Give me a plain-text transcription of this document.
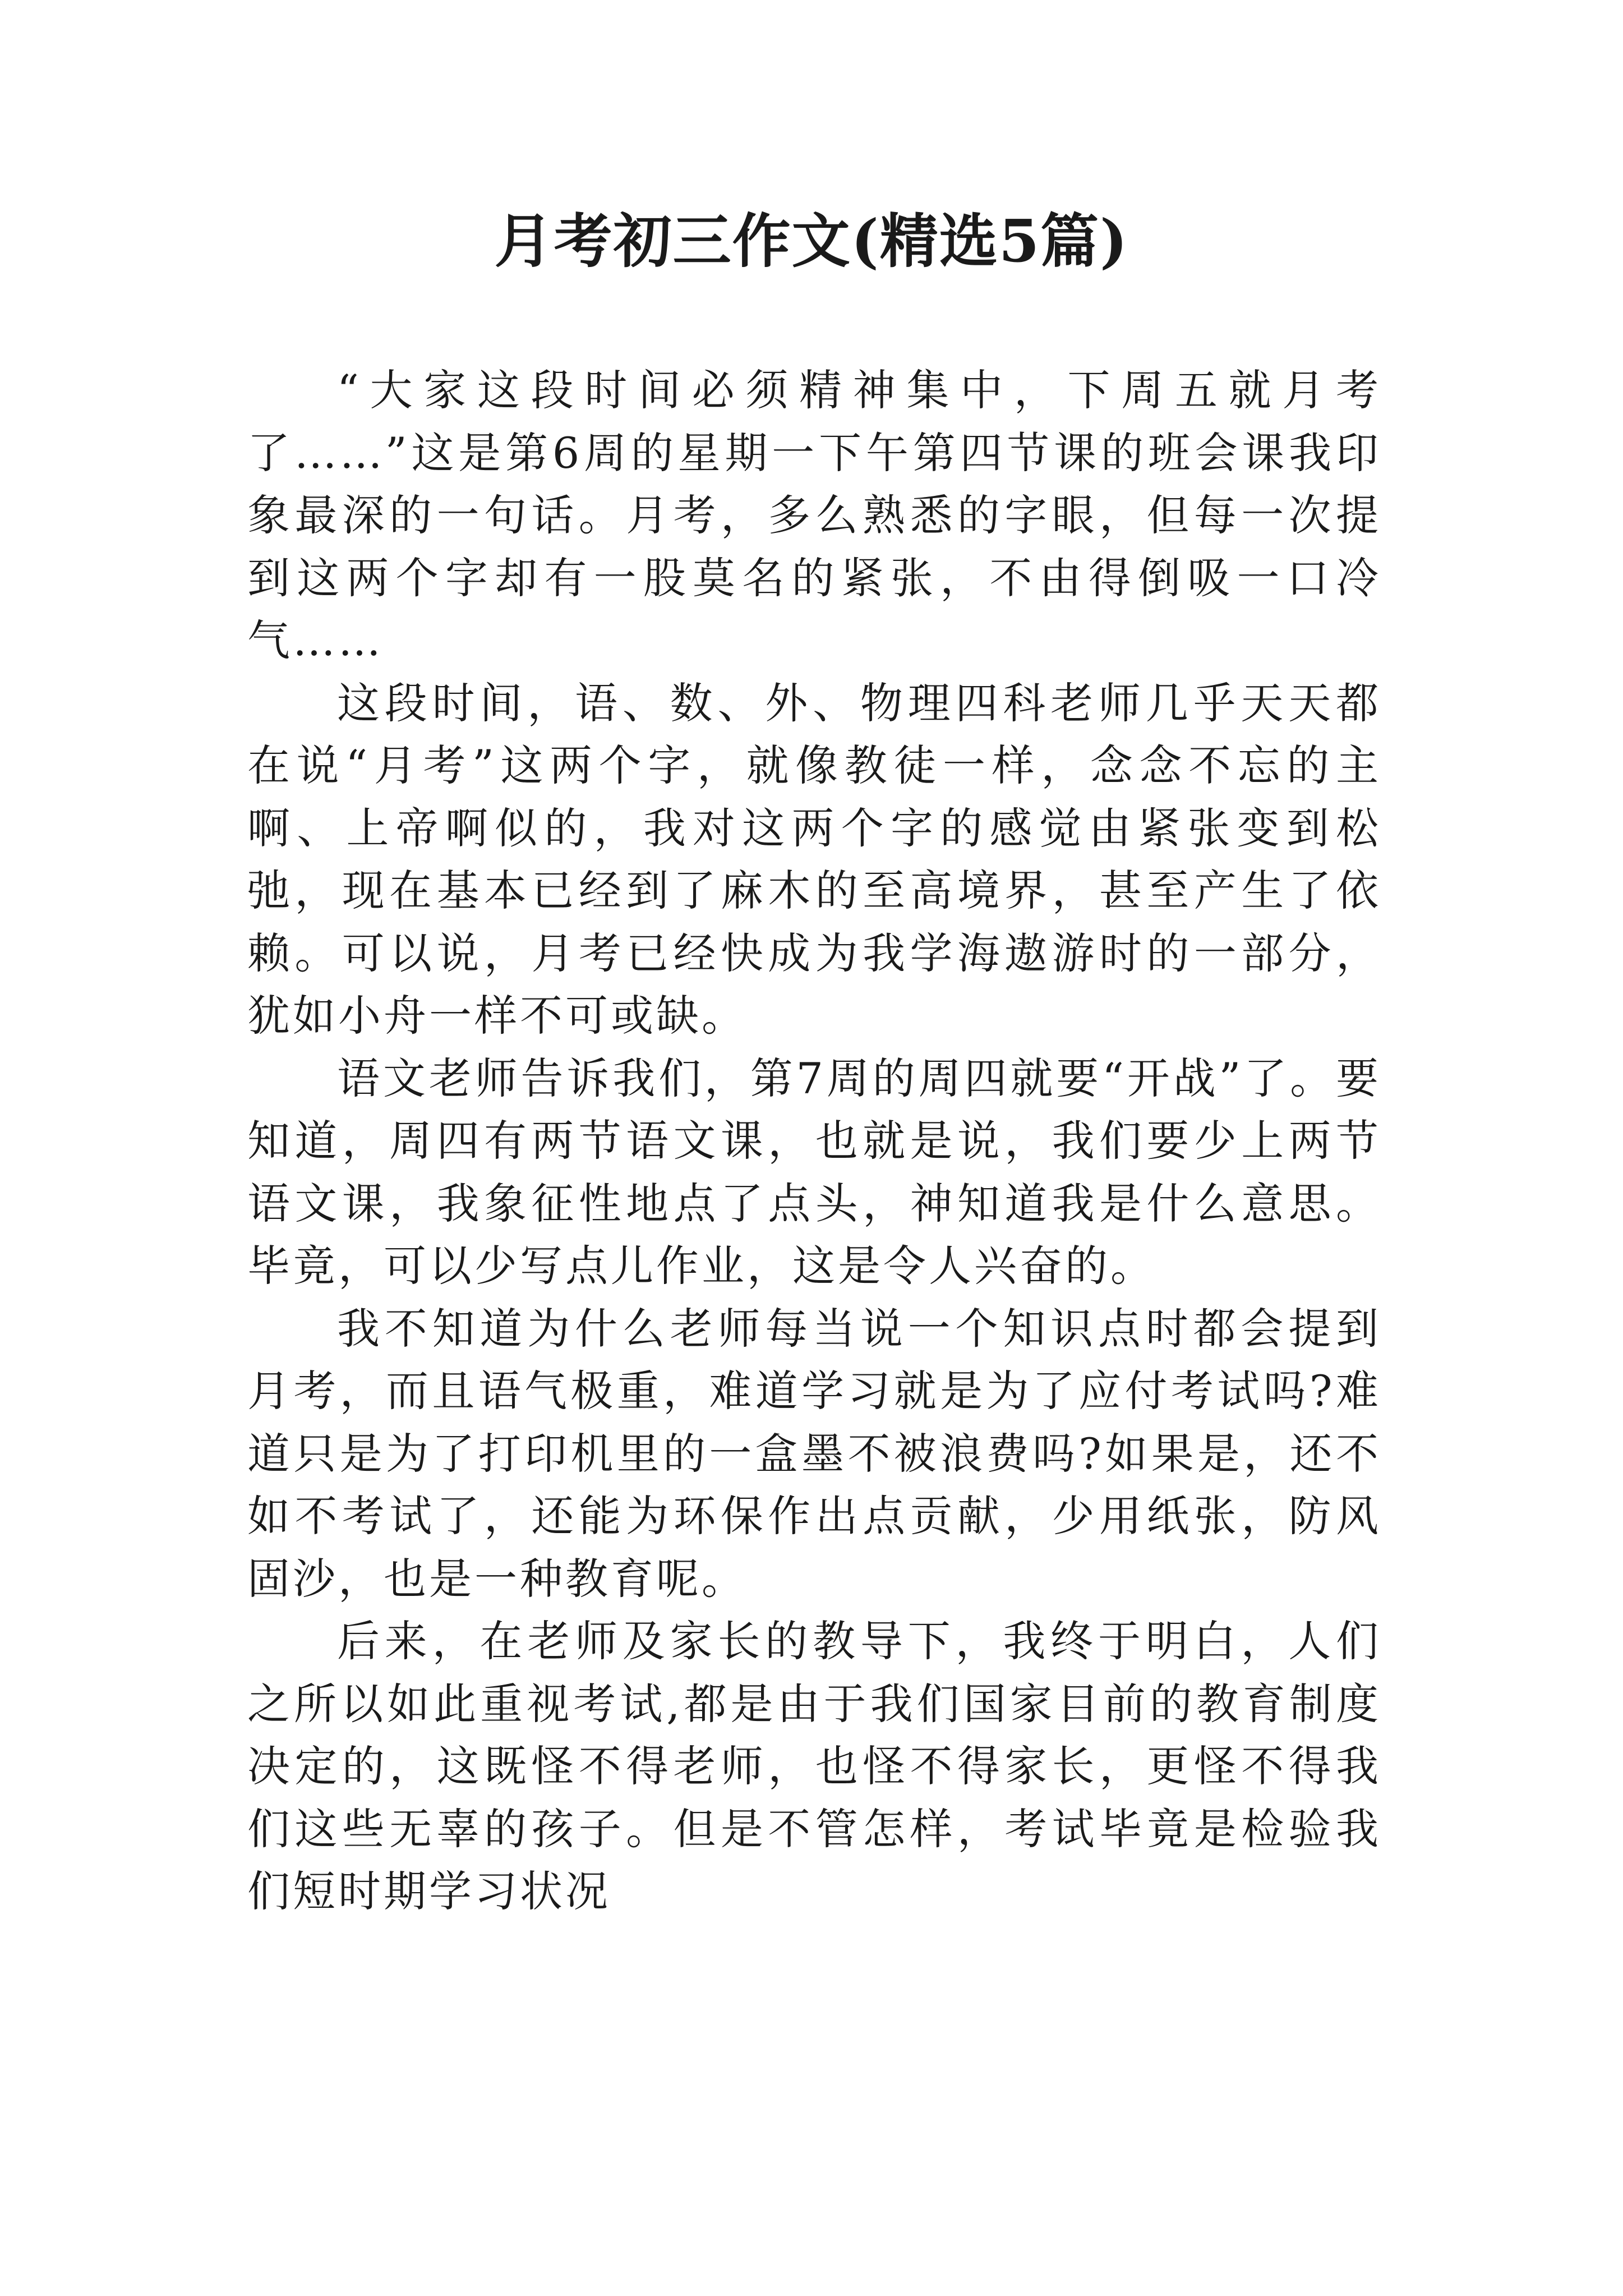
月考初三作文(精选5篇)

“大家这段时间必须精神集中，下周五就月考了……”这是第6周的星期一下午第四节课的班会课我印象最深的一句话。月考，多么熟悉的字眼，但每一次提到这两个字却有一股莫名的紧张，不由得倒吸一口冷气……

这段时间，语、数、外、物理四科老师几乎天天都在说“月考”这两个字，就像教徒一样，念念不忘的主啊、上帝啊似的，我对这两个字的感觉由紧张变到松弛，现在基本已经到了麻木的至高境界，甚至产生了依赖。可以说，月考已经快成为我学海遨游时的一部分，犹如小舟一样不可或缺。

语文老师告诉我们，第7周的周四就要“开战”了。要知道，周四有两节语文课，也就是说，我们要少上两节语文课，我象征性地点了点头，神知道我是什么意思。毕竟，可以少写点儿作业，这是令人兴奋的。

我不知道为什么老师每当说一个知识点时都会提到月考，而且语气极重，难道学习就是为了应付考试吗?难道只是为了打印机里的一盒墨不被浪费吗?如果是，还不如不考试了，还能为环保作出点贡献，少用纸张，防风固沙，也是一种教育呢。

后来，在老师及家长的教导下，我终于明白，人们之所以如此重视考试,都是由于我们国家目前的教育制度决定的，这既怪不得老师，也怪不得家长，更怪不得我们这些无辜的孩子。但是不管怎样，考试毕竟是检验我们短时期学习状况
